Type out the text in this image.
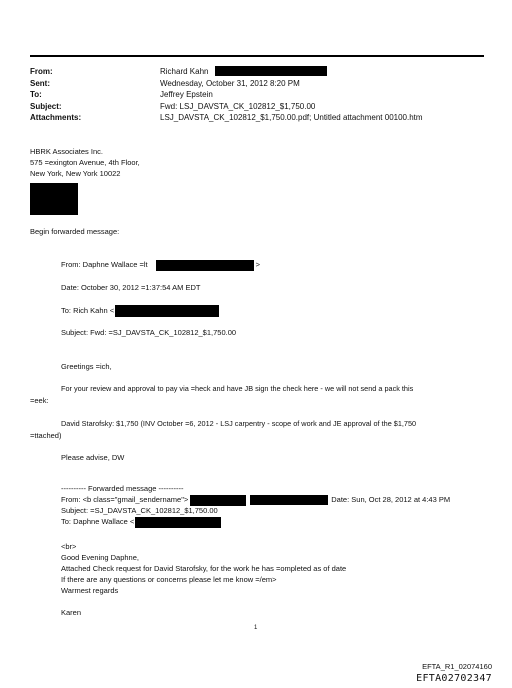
From:	Richard Kahn
Sent:	Wednesday, October 31, 2012 8:20 PM
To:	Jeffrey Epstein
Subject:	Fwd: LSJ_DAVSTA_CK_102812_$1,750.00
Attachments:	LSJ_DAVSTA_CK_102812_$1,750.00.pdf; Untitled attachment 00100.htm
HBRK Associates Inc.
575 =exington Avenue, 4th Floor,
New York, New York 10022
Begin forwarded message:
From: Daphne Wallace =lt	>
Date: October 30, 2012 =1:37:54 AM EDT
To: Rich Kahn <
Subject: Fwd: =SJ_DAVSTA_CK_102812_$1,750.00
Greetings =ich,
For your review and approval to pay via =heck and have JB sign the check here - we will not send a pack this
=eek:
David Starofsky: $1,750 (INV October =6, 2012 - LSJ carpentry - scope of work and JE approval of the $1,750
=ttached)
Please advise, DW
---------- Forwarded message ----------
From: <b class="gmail_sendername">	Date: Sun, Oct 28, 2012 at 4:43 PM
Subject: =SJ_DAVSTA_CK_102812_$1,750.00
To: Daphne Wallace <
<br>
Good Evening Daphne,
Attached Check request for David Starofsky, for the work he has =ompleted as of date
If there are any questions or concerns please let me know =/em>
Warmest regards
Karen
1
EFTA_R1_02074160
EFTA02702347
